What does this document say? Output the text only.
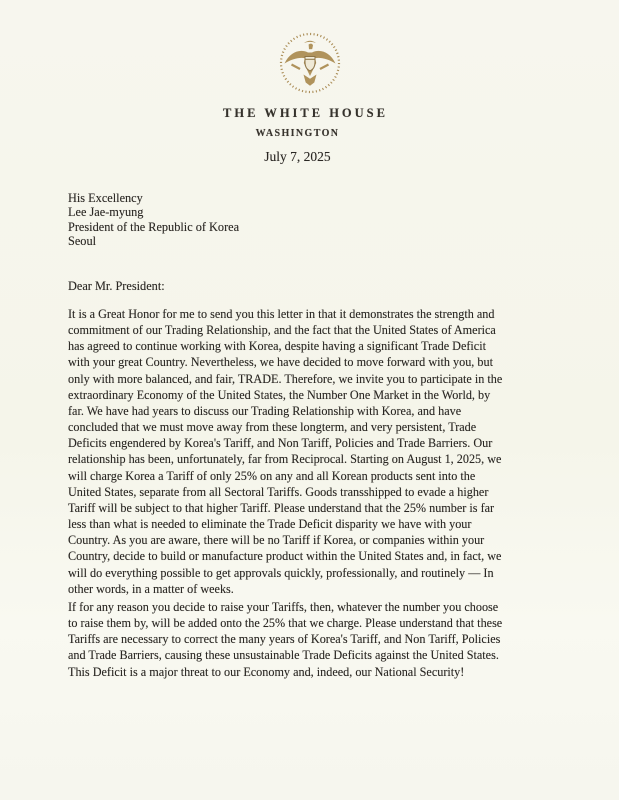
THE WHITE HOUSE
WASHINGTON
July 7, 2025
His Excellency
Lee Jae-myung
President of the Republic of Korea
Seoul
Dear Mr. President:
It is a Great Honor for me to send you this letter in that it demonstrates the strength and
commitment of our Trading Relationship, and the fact that the United States of America
has agreed to continue working with Korea, despite having a significant Trade Deficit
with your great Country. Nevertheless, we have decided to move forward with you, but
only with more balanced, and fair, TRADE. Therefore, we invite you to participate in the
extraordinary Economy of the United States, the Number One Market in the World, by
far. We have had years to discuss our Trading Relationship with Korea, and have
concluded that we must move away from these longterm, and very persistent, Trade
Deficits engendered by Korea's Tariff, and Non Tariff, Policies and Trade Barriers. Our
relationship has been, unfortunately, far from Reciprocal. Starting on August 1, 2025, we
will charge Korea a Tariff of only 25% on any and all Korean products sent into the
United States, separate from all Sectoral Tariffs. Goods transshipped to evade a higher
Tariff will be subject to that higher Tariff. Please understand that the 25% number is far
less than what is needed to eliminate the Trade Deficit disparity we have with your
Country. As you are aware, there will be no Tariff if Korea, or companies within your
Country, decide to build or manufacture product within the United States and, in fact, we
will do everything possible to get approvals quickly, professionally, and routinely — In
other words, in a matter of weeks.
If for any reason you decide to raise your Tariffs, then, whatever the number you choose
to raise them by, will be added onto the 25% that we charge. Please understand that these
Tariffs are necessary to correct the many years of Korea's Tariff, and Non Tariff, Policies
and Trade Barriers, causing these unsustainable Trade Deficits against the United States.
This Deficit is a major threat to our Economy and, indeed, our National Security!
